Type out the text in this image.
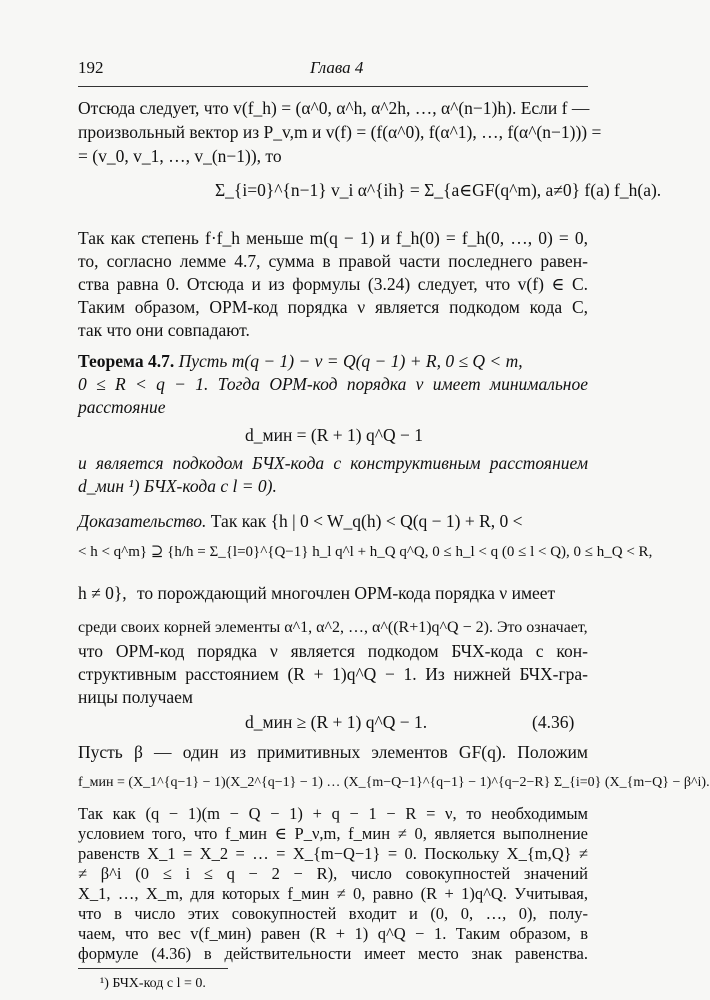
192	Глава 4
Отсюда следует, что v(f_h) = (α^0, α^h, α^2h, …, α^(n−1)h). Если f —
произвольный вектор из P_v,m и v(f) = (f(α^0), f(α^1), …, f(α^(n−1))) =
= (v_0, v_1, …, v_(n−1)), то
Σ_{i=0}^{n−1} v_i α^{ih} = Σ_{a∈GF(q^m), a≠0} f(a) f_h(a).
Так как степень f·f_h меньше m(q − 1) и f_h(0) = f_h(0, …, 0) = 0,
то, согласно лемме 4.7, сумма в правой части последнего равен-
ства равна 0. Отсюда и из формулы (3.24) следует, что v(f) ∈ C.
Таким образом, ОРМ-код порядка ν является подкодом кода C,
так что они совпадают.
Теорема 4.7. Пусть m(q − 1) − ν = Q(q − 1) + R, 0 ≤ Q < m,
0 ≤ R < q − 1. Тогда ОРМ-код порядка ν имеет минимальное
расстояние
d_мин = (R + 1) q^Q − 1
и является подкодом БЧХ-кода с конструктивным расстоянием
d_мин ¹) БЧХ-кода с l = 0).
Доказательство. Так как {h | 0 < W_q(h) < Q(q − 1) + R, 0 <
< h < q^m} ⊇ {h/h = Σ_{l=0}^{Q−1} h_l q^l + h_Q q^Q, 0 ≤ h_l < q (0 ≤ l < Q), 0 ≤ h_Q < R,
h ≠ 0}, то порождающий многочлен ОРМ-кода порядка ν имеет
среди своих корней элементы α^1, α^2, …, α^((R+1)q^Q − 2). Это означает,
что ОРМ-код порядка ν является подкодом БЧХ-кода с кон-
структивным расстоянием (R + 1)q^Q − 1. Из нижней БЧХ-гра-
ницы получаем
d_мин ≥ (R + 1) q^Q − 1.	(4.36)
Пусть β — один из примитивных элементов GF(q). Положим
f_мин = (X_1^{q−1} − 1)(X_2^{q−1} − 1) … (X_{m−Q−1}^{q−1} − 1)^{q−2−R} Σ_{i=0} (X_{m−Q} − β^i).
Так как (q − 1)(m − Q − 1) + q − 1 − R = ν, то необходимым
условием того, что f_мин ∈ P_ν,m, f_мин ≠ 0, является выполнение
равенств X_1 = X_2 = … = X_{m−Q−1} = 0. Поскольку X_{m,Q} ≠
≠ β^i (0 ≤ i ≤ q − 2 − R), число совокупностей значений
X_1, …, X_m, для которых f_мин ≠ 0, равно (R + 1)q^Q. Учитывая,
что в число этих совокупностей входит и (0, 0, …, 0), полу-
чаем, что вес v(f_мин) равен (R + 1) q^Q − 1. Таким образом, в
формуле (4.36) в действительности имеет место знак равенства.
¹) БЧХ-код с l = 0.
